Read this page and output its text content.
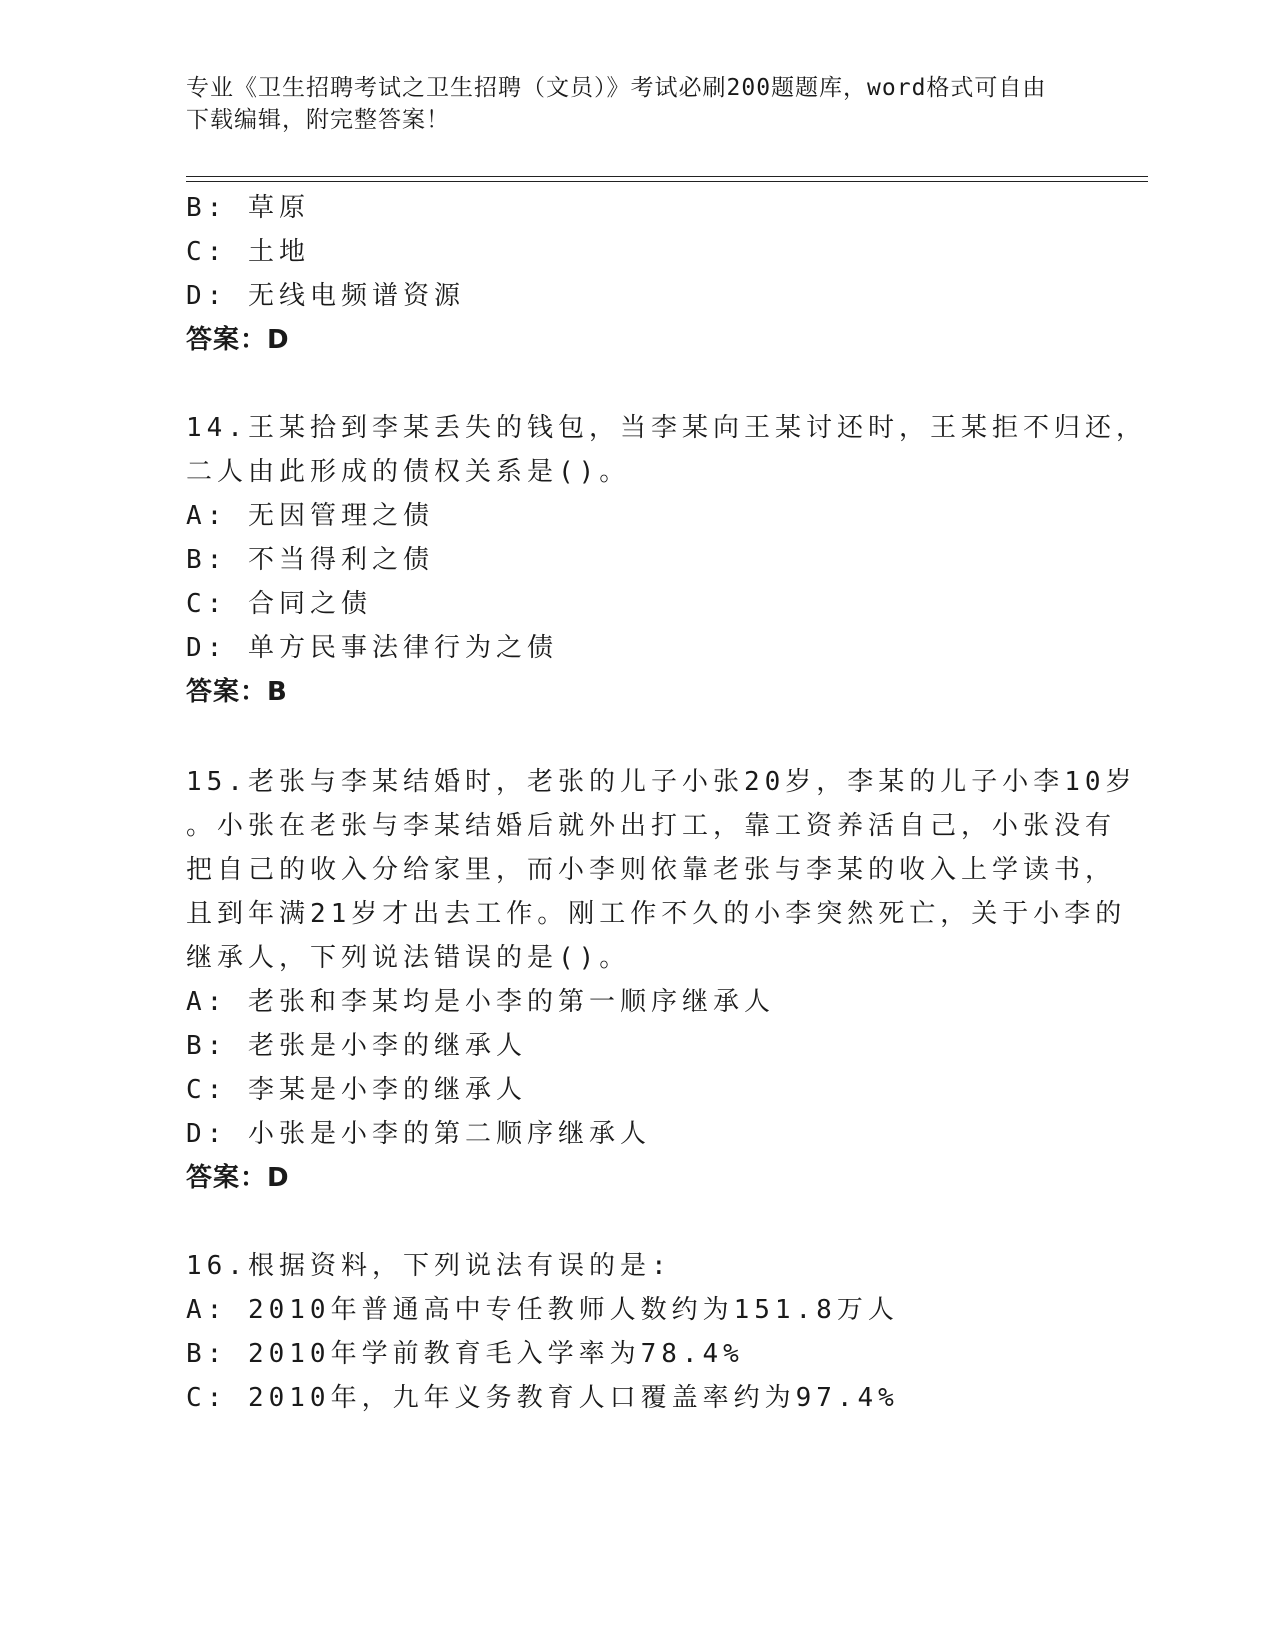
专业《卫生招聘考试之卫生招聘（文员）》考试必刷200题题库，word格式可自由下载编辑，附完整答案！
B: 草原
C: 土地
D: 无线电频谱资源
答案：D
14.王某拾到李某丢失的钱包，当李某向王某讨还时，王某拒不归还，
二人由此形成的债权关系是()。
A: 无因管理之债
B: 不当得利之债
C: 合同之债
D: 单方民事法律行为之债
答案：B
15.老张与李某结婚时，老张的儿子小张20岁，李某的儿子小李10岁
。小张在老张与李某结婚后就外出打工，靠工资养活自己，小张没有
把自己的收入分给家里，而小李则依靠老张与李某的收入上学读书，
且到年满21岁才出去工作。刚工作不久的小李突然死亡，关于小李的
继承人，下列说法错误的是()。
A: 老张和李某均是小李的第一顺序继承人
B: 老张是小李的继承人
C: 李某是小李的继承人
D: 小张是小李的第二顺序继承人
答案：D
16.根据资料，下列说法有误的是:
A: 2010年普通高中专任教师人数约为151.8万人
B: 2010年学前教育毛入学率为78.4%
C: 2010年，九年义务教育人口覆盖率约为97.4%
